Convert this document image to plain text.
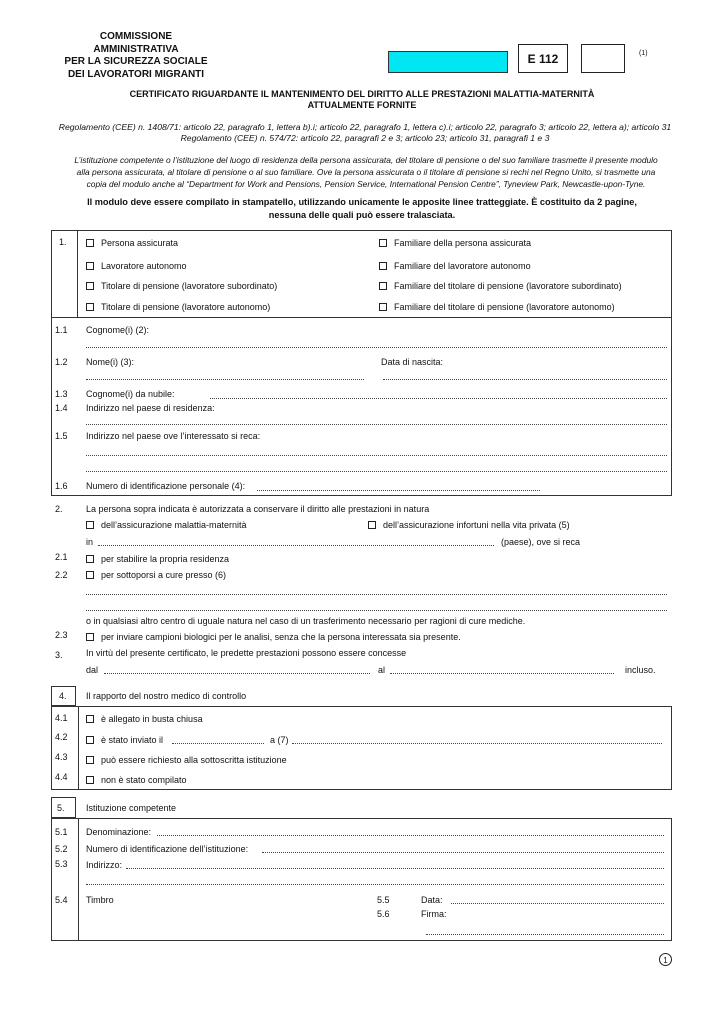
COMMISSIONE AMMINISTRATIVA
PER LA SICUREZZA SOCIALE
DEI LAVORATORI MIGRANTI
E 112	(1)
CERTIFICATO RIGUARDANTE IL MANTENIMENTO DEL DIRITTO ALLE PRESTAZIONI MALATTIA-MATERNITÀ
ATTUALMENTE FORNITE
Regolamento (CEE) n. 1408/71: articolo 22, paragrafo 1, lettera b).i; articolo 22, paragrafo 1, lettera c).i; articolo 22, paragrafo 3; articolo 22, lettera a); articolo 31
Regolamento (CEE) n. 574/72: articolo 22, paragrafi 2 e 3; articolo 23; articolo 31, paragrafi 1 e 3
L’istituzione competente o l’istituzione del luogo di residenza della persona assicurata, del titolare di pensione o del suo familiare trasmette il presente modulo
alla persona assicurata, al titolare di pensione o al suo familiare. Ove la persona assicurata o il titolare di pensione si rechi nel Regno Unito, si trasmette una
copia del modulo anche al “Department for Work and Pensions, Pension Service, International Pension Centre”, Tyneview Park, Newcastle-upon-Tyne.
Il modulo deve essere compilato in stampatello, utilizzando unicamente le apposite linee tratteggiate. È costituito da 2 pagine,
nessuna delle quali può essere tralasciata.
1.	Persona assicurata	Familiare della persona assicurata
Lavoratore autonomo	Familiare del lavoratore autonomo
Titolare di pensione (lavoratore subordinato)	Familiare del titolare di pensione (lavoratore subordinato)
Titolare di pensione (lavoratore autonomo)	Familiare del titolare di pensione (lavoratore autonomo)
1.1 Cognome(i) (2):
1.2 Nome(i) (3):	Data di nascita:
1.3 Cognome(i) da nubile:
1.4 Indirizzo nel paese di residenza:
1.5 Indirizzo nel paese ove l’interessato si reca:
1.6 Numero di identificazione personale (4):
2.	La persona sopra indicata è autorizzata a conservare il diritto alle prestazioni in natura
dell’assicurazione malattia-maternità	dell’assicurazione infortuni nella vita privata (5)
in	(paese), ove si reca
2.1	per stabilire la propria residenza
2.2	per sottoporsi a cure presso (6)
o in qualsiasi altro centro di uguale natura nel caso di un trasferimento necessario per ragioni di cure mediche.
2.3	per inviare campioni biologici per le analisi, senza che la persona interessata sia presente.
3.	In virtù del presente certificato, le predette prestazioni possono essere concesse
dal	al	incluso.
4. Il rapporto del nostro medico di controllo
4.1	è allegato in busta chiusa
4.2	è stato inviato il	a (7)
4.3	può essere richiesto alla sottoscritta istituzione
4.4	non è stato compilato
5. Istituzione competente
5.1 Denominazione:
5.2 Numero di identificazione dell’istituzione:
5.3 Indirizzo:
5.4 Timbro	5.5	Data:
5.6	Firma:
1
